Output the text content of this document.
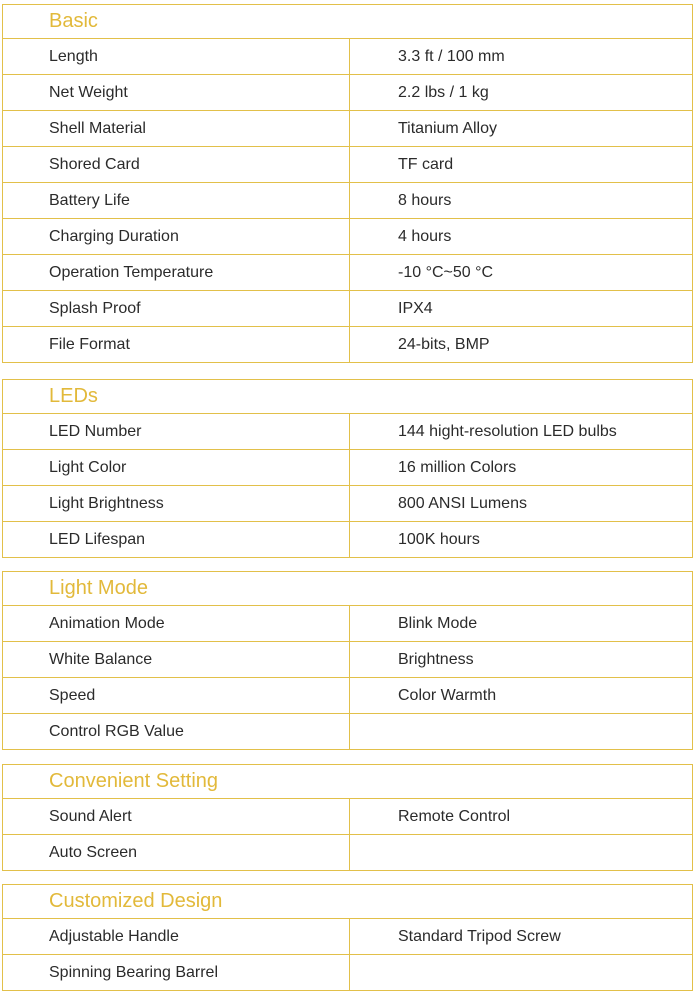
Basic	
Length	3.3 ft / 100 mm
Net Weight	2.2 lbs / 1 kg
Shell Material	Titanium Alloy
Shored Card	TF card
Battery Life	8 hours
Charging Duration	4 hours
Operation Temperature	-10 °C~50 °C
Splash Proof	IPX4
File Format	24-bits, BMP
LEDs	
LED Number	144 hight-resolution LED bulbs
Light Color	16 million Colors
Light Brightness	800 ANSI Lumens
LED Lifespan	100K hours
Light Mode	
Animation Mode	Blink Mode
White Balance	Brightness
Speed	Color Warmth
Control RGB Value	
Convenient Setting	
Sound Alert	Remote Control
Auto Screen	
Customized Design	
Adjustable Handle	Standard Tripod Screw
Spinning Bearing Barrel	
